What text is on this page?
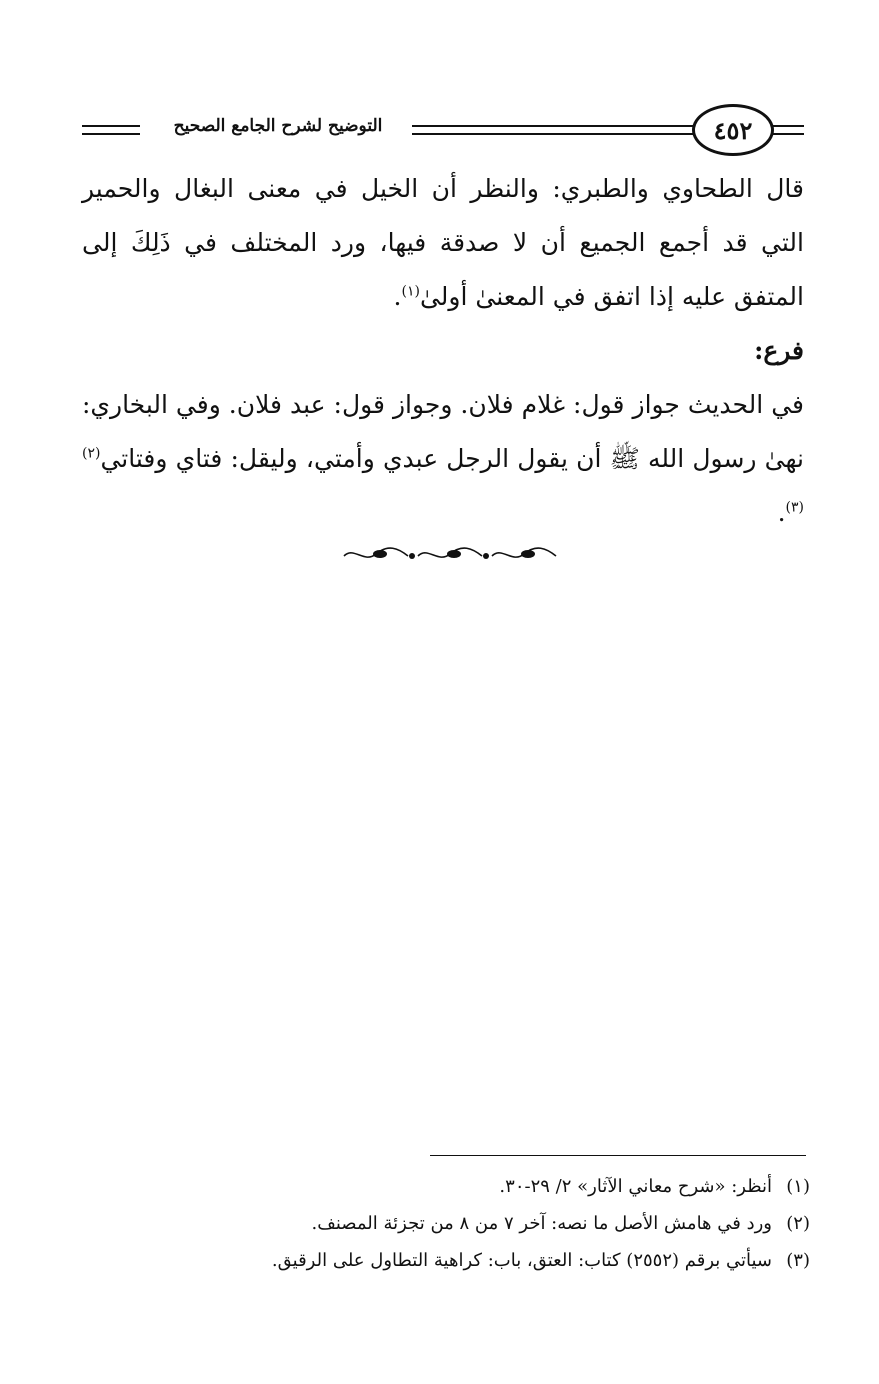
التوضيح لشرح الجامع الصحيح	٤٥٢

قال الطحاوي والطبري: والنظر أن الخيل في معنى البغال والحمير التي قد أجمع الجميع أن لا صدقة فيها، ورد المختلف في ذَلِكَ إلى المتفق عليه إذا اتفق في المعنىٰ أولىٰ$^{(١)}$.

فرع:

في الحديث جواز قول: غلام فلان. وجواز قول: عبد فلان. وفي البخاري: نهىٰ رسول الله ﷺ أن يقول الرجل عبدي وأمتي، وليقل: فتاي وفتاتي$^{(٢)(٣)}$.

(١)أنظر: «شرح معاني الآثار» ٢/ ٢٩-٣٠.
(٢)ورد في هامش الأصل ما نصه: آخر ٧ من ٨ من تجزئة المصنف.
(٣)سيأتي برقم (٢٥٥٢) كتاب: العتق، باب: كراهية التطاول على الرقيق.
